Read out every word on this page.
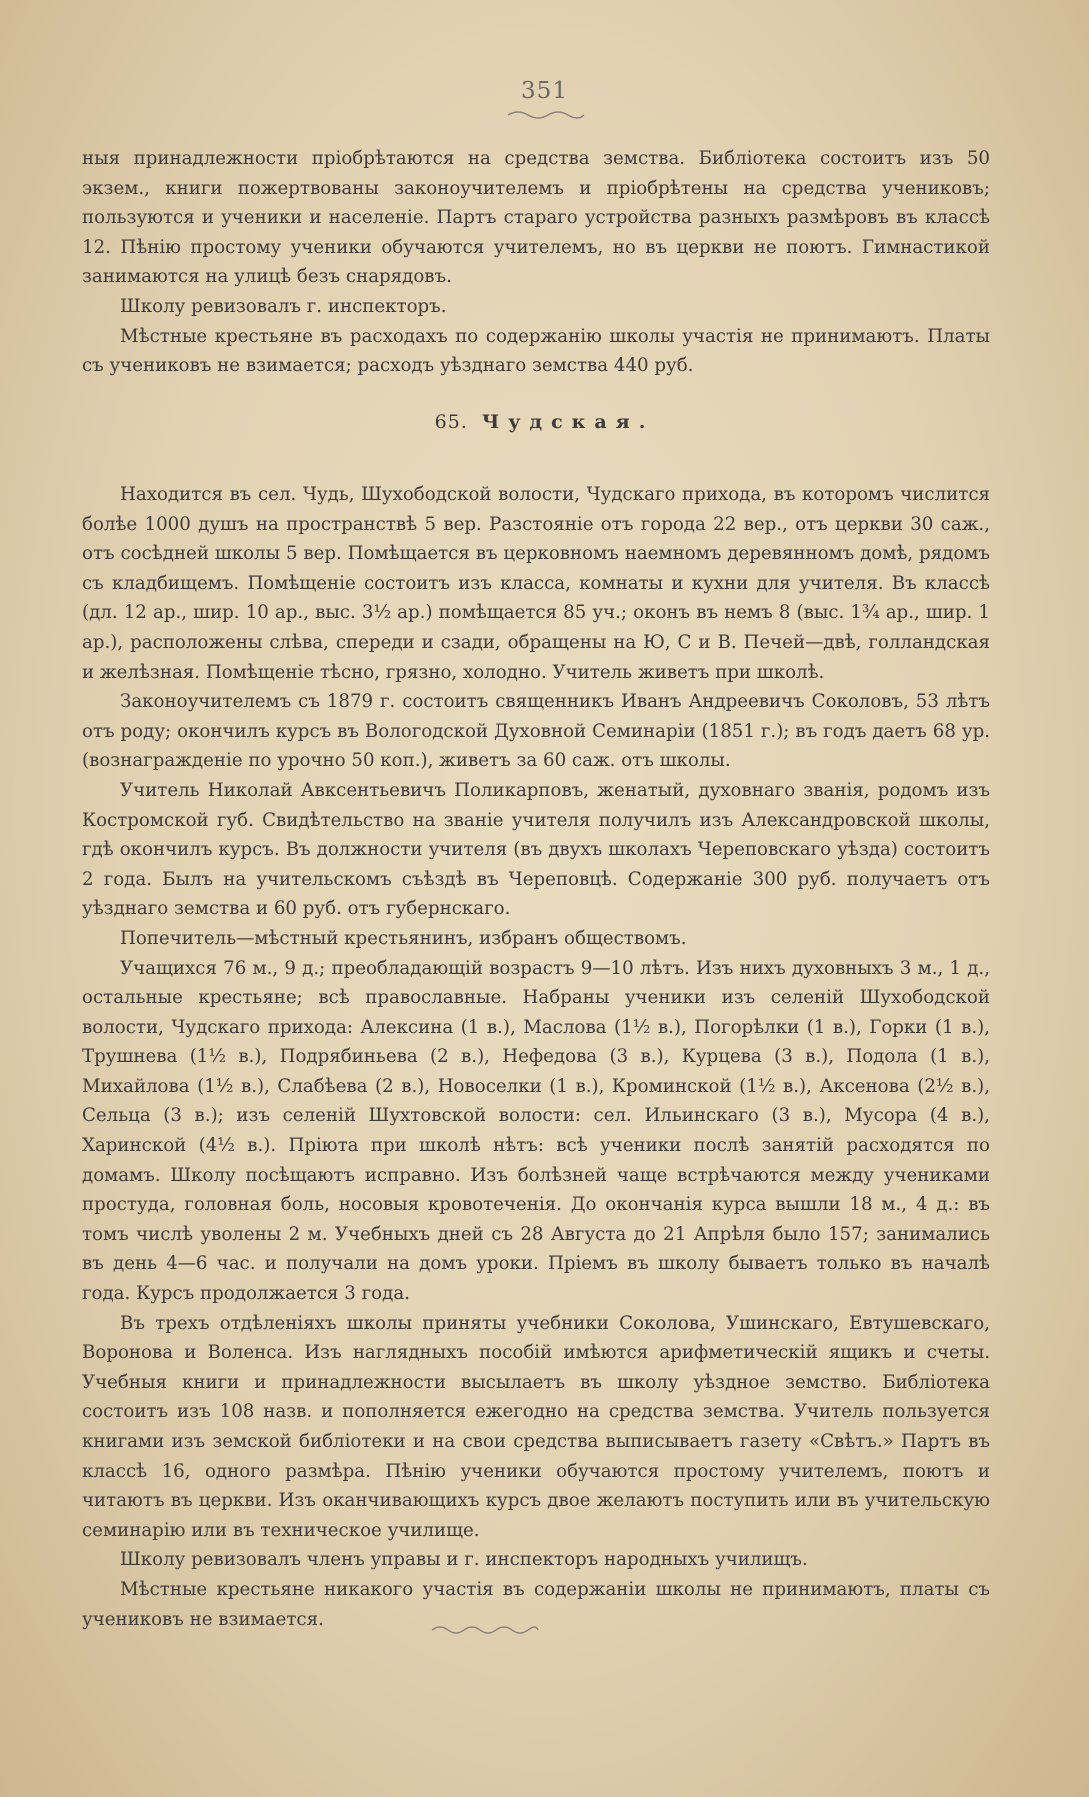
351

ныя принадлежности пріобрѣтаются на средства земства. Библіотека состоитъ изъ 50 экзем., книги пожертвованы законоучителемъ и пріобрѣтены на средства учениковъ; пользуются и ученики и населеніе. Партъ стараго устройства разныхъ размѣровъ въ классѣ 12. Пѣнію простому ученики обучаются учителемъ, но въ церкви не поютъ. Гимнастикой занимаются на улицѣ безъ снарядовъ.

Школу ревизовалъ г. инспекторъ.

Мѣстные крестьяне въ расходахъ по содержанію школы участія не принимаютъ. Платы съ учениковъ не взимается; расходъ уѣзднаго земства 440 руб.

65. Чудская.

Находится въ сел. Чудь, Шухободской волости, Чудскаго прихода, въ которомъ числится болѣе 1000 душъ на пространствѣ 5 вер. Разстояніе отъ города 22 вер., отъ церкви 30 саж., отъ сосѣдней школы 5 вер. Помѣщается въ церковномъ наемномъ деревянномъ домѣ, рядомъ съ кладбищемъ. Помѣщеніе состоитъ изъ класса, комнаты и кухни для учителя. Въ классѣ (дл. 12 ар., шир. 10 ар., выс. 3½ ар.) помѣщается 85 уч.; оконъ въ немъ 8 (выс. 1¾ ар., шир. 1 ар.), расположены слѣва, спереди и сзади, обращены на Ю, С и В. Печей—двѣ, голландская и желѣзная. Помѣщеніе тѣсно, грязно, холодно. Учитель живетъ при школѣ.

Законоучителемъ съ 1879 г. состоитъ священникъ Иванъ Андреевичъ Соколовъ, 53 лѣтъ отъ роду; окончилъ курсъ въ Вологодской Духовной Семинаріи (1851 г.); въ годъ даетъ 68 ур. (вознагражденіе по урочно 50 коп.), живетъ за 60 саж. отъ школы.

Учитель Николай Авксентьевичъ Поликарповъ, женатый, духовнаго званія, родомъ изъ Костромской губ. Свидѣтельство на званіе учителя получилъ изъ Александровской школы, гдѣ окончилъ курсъ. Въ должности учителя (въ двухъ школахъ Череповскаго уѣзда) состоитъ 2 года. Былъ на учительскомъ съѣздѣ въ Череповцѣ. Содержаніе 300 руб. получаетъ отъ уѣзднаго земства и 60 руб. отъ губернскаго.

Попечитель—мѣстный крестьянинъ, избранъ обществомъ.

Учащихся 76 м., 9 д.; преобладающій возрастъ 9—10 лѣтъ. Изъ нихъ духовныхъ 3 м., 1 д., остальные крестьяне; всѣ православные. Набраны ученики изъ селеній Шухободской волости, Чудскаго прихода: Алексина (1 в.), Маслова (1½ в.), Погорѣлки (1 в.), Горки (1 в.), Трушнева (1½ в.), Подрябиньева (2 в.), Нефедова (3 в.), Курцева (3 в.), Подола (1 в.), Михайлова (1½ в.), Слабѣева (2 в.), Новоселки (1 в.), Кроминской (1½ в.), Аксенова (2½ в.), Сельца (3 в.); изъ селеній Шухтовской волости: сел. Ильинскаго (3 в.), Мусора (4 в.), Харинской (4½ в.). Пріюта при школѣ нѣтъ: всѣ ученики послѣ занятій расходятся по домамъ. Школу посѣщаютъ исправно. Изъ болѣзней чаще встрѣчаются между учениками простуда, головная боль, носовыя кровотеченія. До окончанія курса вышли 18 м., 4 д.: въ томъ числѣ уволены 2 м. Учебныхъ дней съ 28 Августа до 21 Апрѣля было 157; занимались въ день 4—6 час. и получали на домъ уроки. Пріемъ въ школу бываетъ только въ началѣ года. Курсъ продолжается 3 года.

Въ трехъ отдѣленіяхъ школы приняты учебники Соколова, Ушинскаго, Евтушевскаго, Воронова и Воленса. Изъ наглядныхъ пособій имѣются арифметическій ящикъ и счеты. Учебныя книги и принадлежности высылаетъ въ школу уѣздное земство. Библіотека состоитъ изъ 108 назв. и пополняется ежегодно на средства земства. Учитель пользуется книгами изъ земской библіотеки и на свои средства выписываетъ газету «Свѣтъ.» Партъ въ классѣ 16, одного размѣра. Пѣнію ученики обучаются простому учителемъ, поютъ и читаютъ въ церкви. Изъ оканчивающихъ курсъ двое желаютъ поступить или въ учительскую семинарію или въ техническое училище.

Школу ревизовалъ членъ управы и г. инспекторъ народныхъ училищъ.

Мѣстные крестьяне никакого участія въ содержаніи школы не принимаютъ, платы съ учениковъ не взимается.
